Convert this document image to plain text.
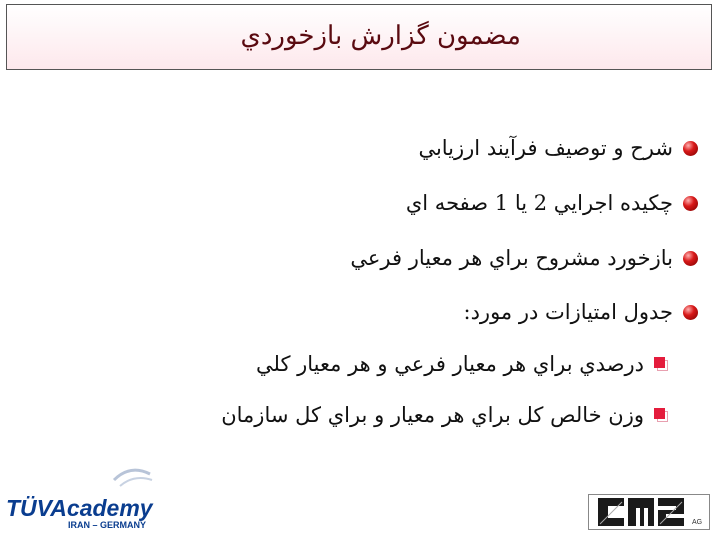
مضمون گزارش بازخوردي
شرح و توصيف فرآيند ارزيابي
چكيده اجرايي 2 يا 1 صفحه اي
بازخورد مشروح براي هر معيار فرعي
جدول امتيازات در مورد:
درصدي براي هر معيار فرعي و هر معيار كلي
وزن خالص كل براي هر معيار و براي كل سازمان
TÜVAcademy
IRAN – GERMANY	AG
